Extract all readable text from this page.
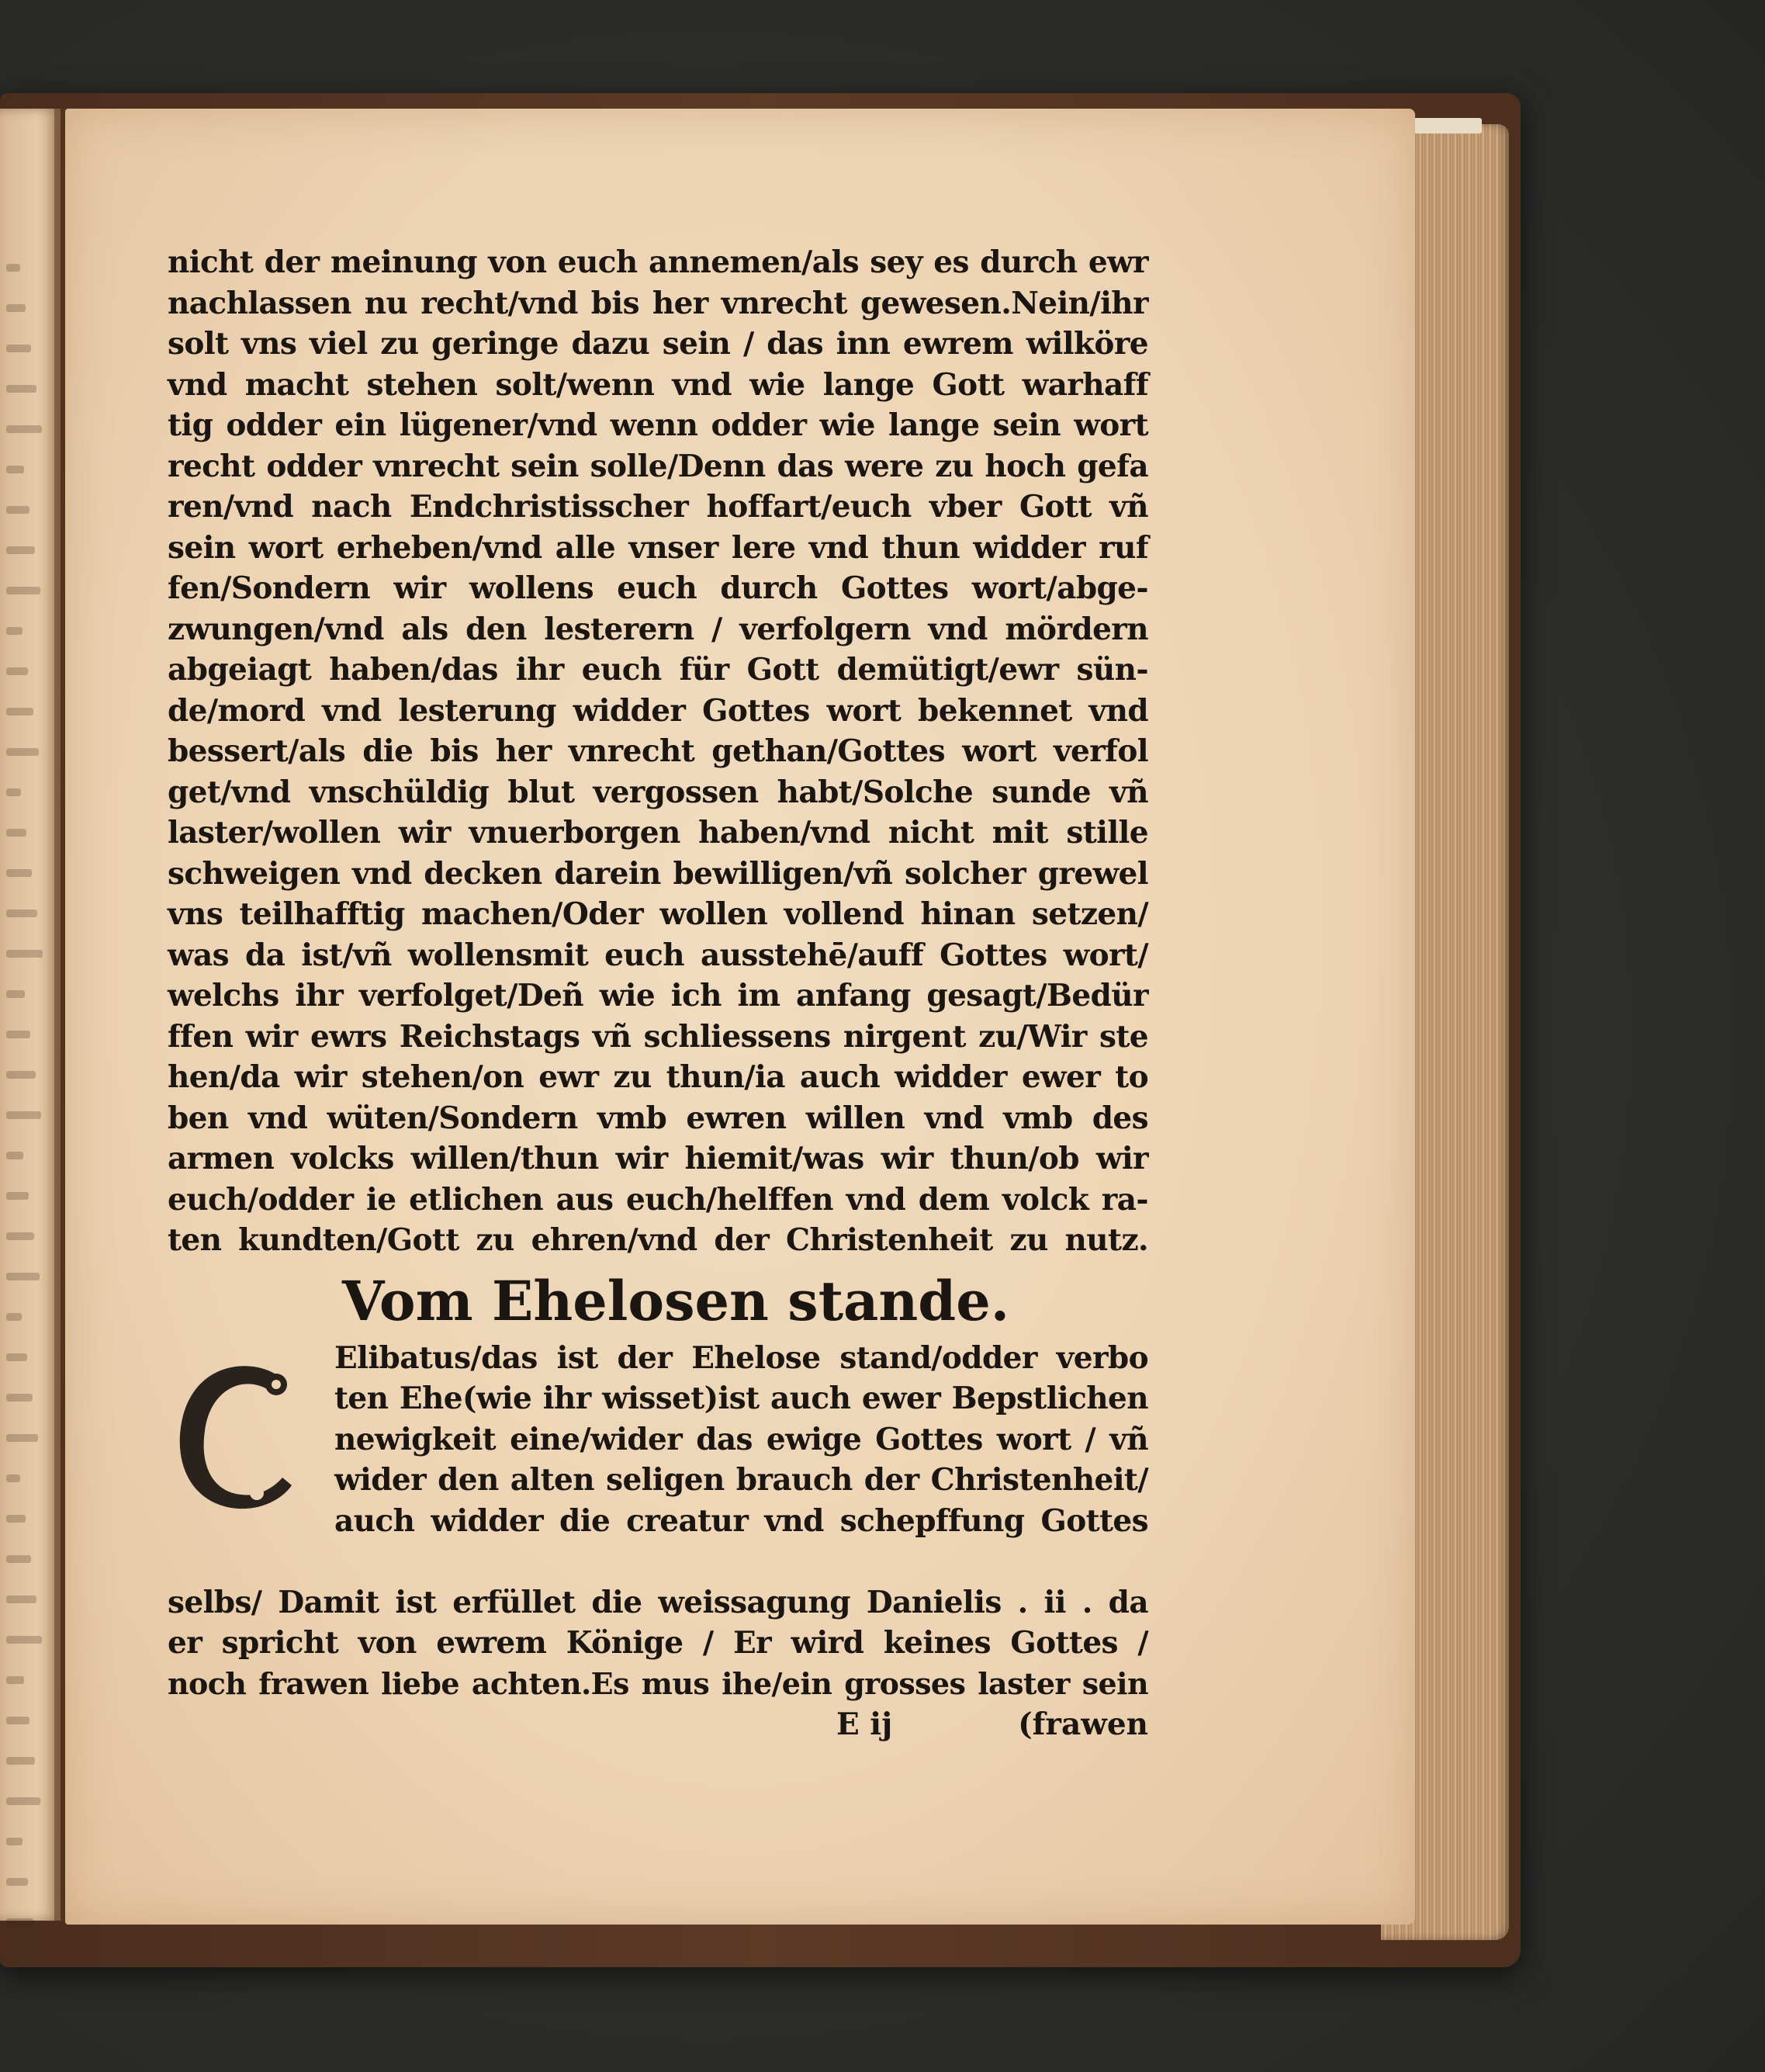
nicht der meinung von euch annemen/als sey es durch ewr
nachlassen nu recht/vnd bis her vnrecht gewesen.Nein/ihr
solt vns viel zu geringe dazu sein / das inn ewrem wilköre
vnd macht stehen solt/wenn vnd wie lange Gott warhaff
tig odder ein lügener/vnd wenn odder wie lange sein wort
recht odder vnrecht sein solle/Denn das were zu hoch gefa
ren/vnd nach Endchristisscher hoffart/euch vber Gott vñ
sein wort erheben/vnd alle vnser lere vnd thun widder ruf
fen/Sondern wir wollens euch durch Gottes wort/abge-
zwungen/vnd als den lesterern / verfolgern vnd mördern
abgeiagt haben/das ihr euch für Gott demütigt/ewr sün-
de/mord vnd lesterung widder Gottes wort bekennet vnd
bessert/als die bis her vnrecht gethan/Gottes wort verfol
get/vnd vnschüldig blut vergossen habt/Solche sunde vñ
laster/wollen wir vnuerborgen haben/vnd nicht mit stille
schweigen vnd decken darein bewilligen/vñ solcher grewel
vns teilhafftig machen/Oder wollen vollend hinan setzen/
was da ist/vñ wollensmit euch ausstehē/auff Gottes wort/
welchs ihr verfolget/Deñ wie ich im anfang gesagt/Bedür
ffen wir ewrs Reichstags vñ schliessens nirgent zu/Wir ste
hen/da wir stehen/on ewr zu thun/ia auch widder ewer to
ben vnd wüten/Sondern vmb ewren willen vnd vmb des
armen volcks willen/thun wir hiemit/was wir thun/ob wir
euch/odder ie etlichen aus euch/helffen vnd dem volck ra-
ten kundten/Gott zu ehren/vnd der Christenheit zu nutz.
Vom Ehelosen stande.
Elibatus/das ist der Ehelose stand/odder verbo
ten Ehe(wie ihr wisset)ist auch ewer Bepstlichen
newigkeit eine/wider das ewige Gottes wort / vñ
wider den alten seligen brauch der Christenheit/
auch widder die creatur vnd schepffung Gottes
selbs/ Damit ist erfüllet die weissagung Danielis . ii . da
er spricht von ewrem Könige / Er wird keines Gottes /
noch frawen liebe achten.Es mus ihe/ein grosses laster sein
E ij	(frawen
